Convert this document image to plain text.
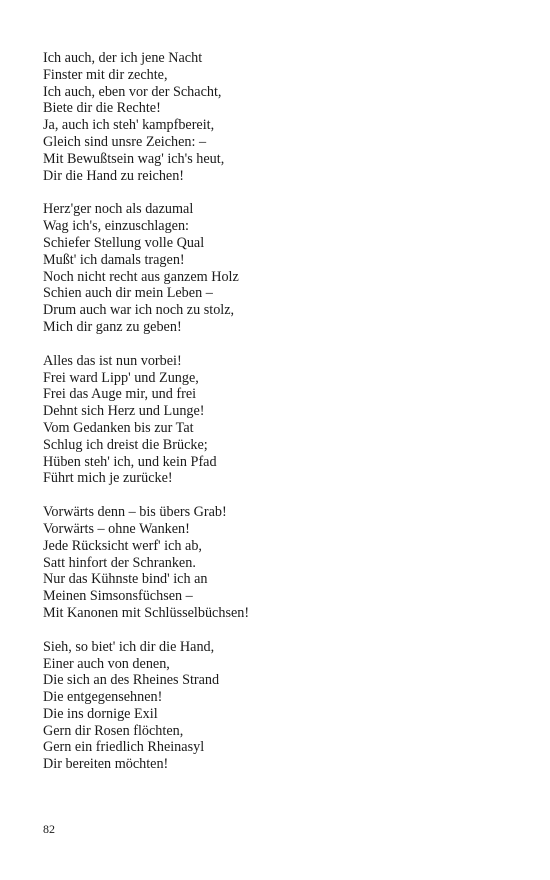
Ich auch, der ich jene Nacht
Finster mit dir zechte,
Ich auch, eben vor der Schacht,
Biete dir die Rechte!
Ja, auch ich steh' kampfbereit,
Gleich sind unsre Zeichen: –
Mit Bewußtsein wag' ich's heut,
Dir die Hand zu reichen!
Herz'ger noch als dazumal
Wag ich's, einzuschlagen:
Schiefer Stellung volle Qual
Mußt' ich damals tragen!
Noch nicht recht aus ganzem Holz
Schien auch dir mein Leben –
Drum auch war ich noch zu stolz,
Mich dir ganz zu geben!
Alles das ist nun vorbei!
Frei ward Lipp' und Zunge,
Frei das Auge mir, und frei
Dehnt sich Herz und Lunge!
Vom Gedanken bis zur Tat
Schlug ich dreist die Brücke;
Hüben steh' ich, und kein Pfad
Führt mich je zurücke!
Vorwärts denn – bis übers Grab!
Vorwärts – ohne Wanken!
Jede Rücksicht werf' ich ab,
Satt hinfort der Schranken.
Nur das Kühnste bind' ich an
Meinen Simsonsfüchsen –
Mit Kanonen mit Schlüsselbüchsen!
Sieh, so biet' ich dir die Hand,
Einer auch von denen,
Die sich an des Rheines Strand
Die entgegensehnen!
Die ins dornige Exil
Gern dir Rosen flöchten,
Gern ein friedlich Rheinasyl
Dir bereiten möchten!
82
